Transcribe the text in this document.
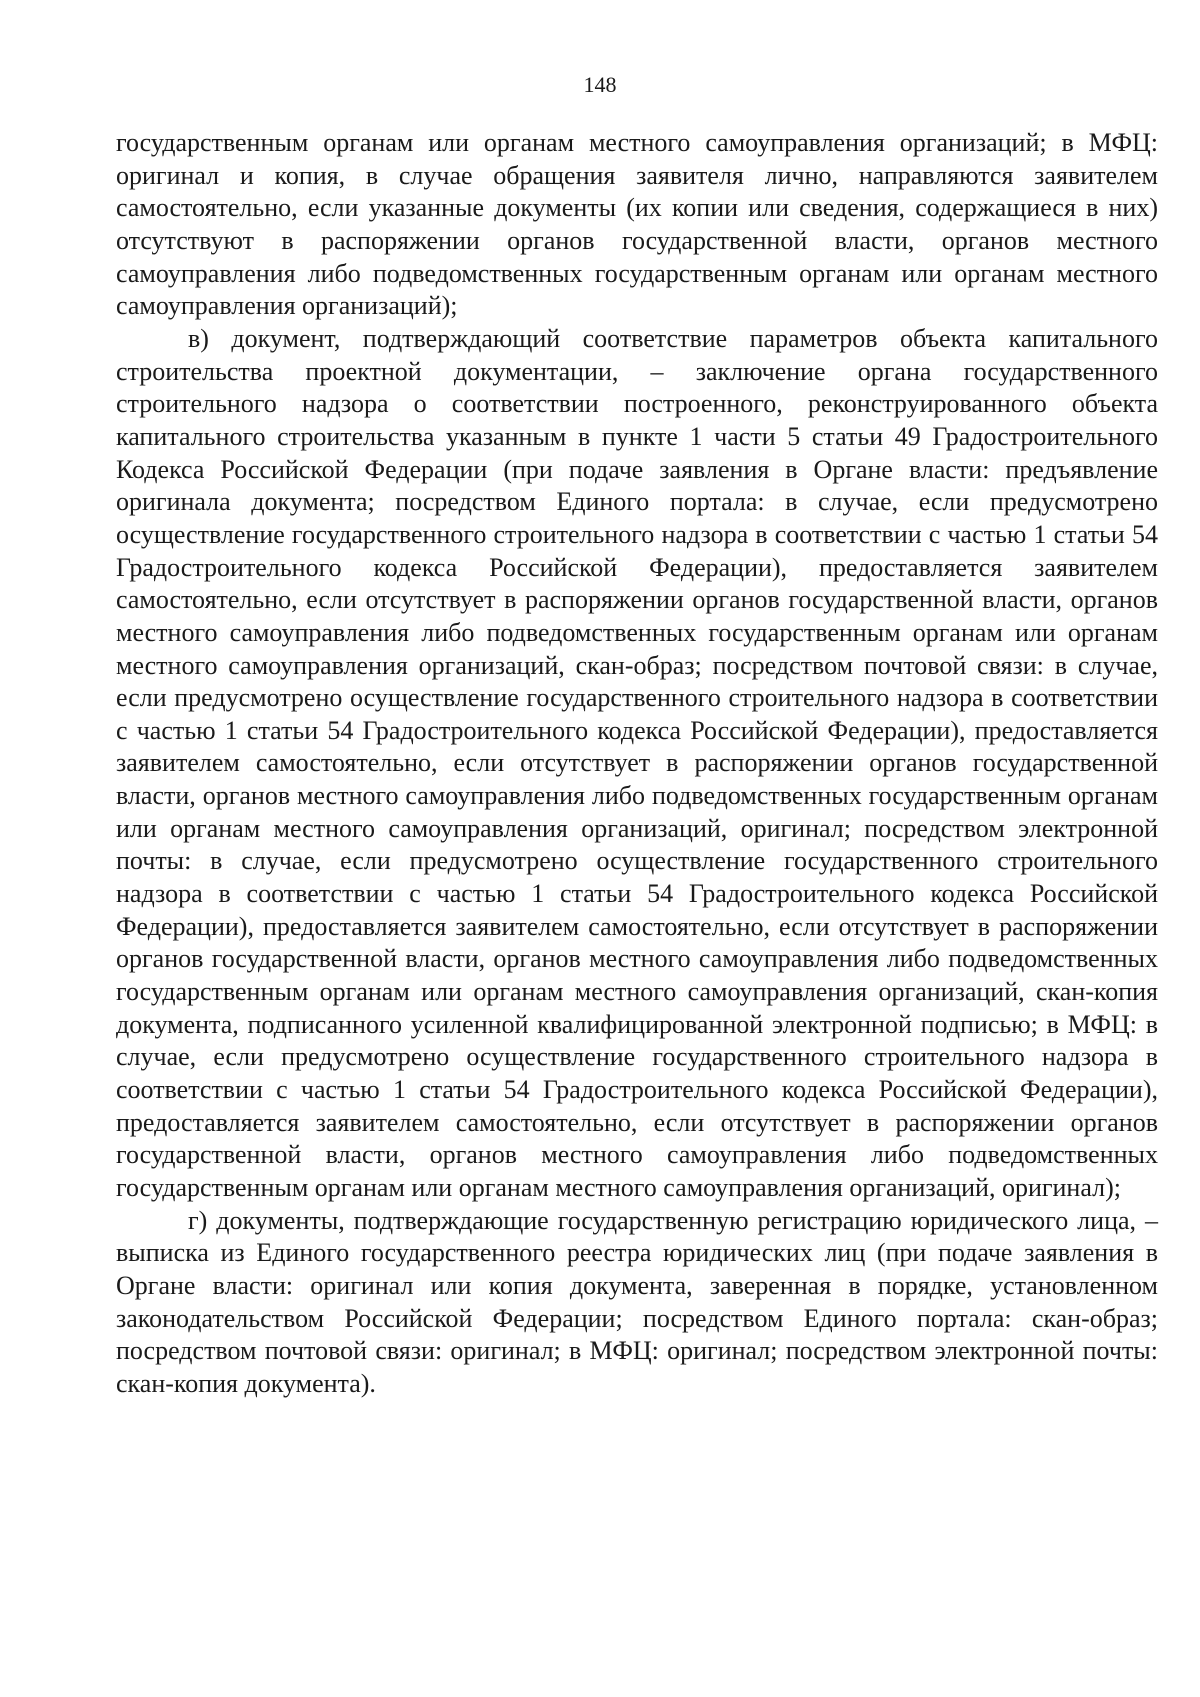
148

государственным органам или органам местного самоуправления организаций; в МФЦ: оригинал и копия, в случае обращения заявителя лично, направляются заявителем самостоятельно, если указанные документы (их копии или сведения, содержащиеся в них) отсутствуют в распоряжении органов государственной власти, органов местного самоуправления либо подведомственных государственным органам или органам местного самоуправления организаций);

в) документ, подтверждающий соответствие параметров объекта капитального строительства проектной документации, – заключение органа государственного строительного надзора о соответствии построенного, реконструированного объекта капитального строительства указанным в пункте 1 части 5 статьи 49 Градостроительного Кодекса Российской Федерации (при подаче заявления в Органе власти: предъявление оригинала документа; посредством Единого портала: в случае, если предусмотрено осуществление государственного строительного надзора в соответствии с частью 1 статьи 54 Градостроительного кодекса Российской Федерации), предоставляется заявителем самостоятельно, если отсутствует в распоряжении органов государственной власти, органов местного самоуправления либо подведомственных государственным органам или органам местного самоуправления организаций, скан-образ; посредством почтовой связи: в случае, если предусмотрено осуществление государственного строительного надзора в соответствии с частью 1 статьи 54 Градостроительного кодекса Российской Федерации), предоставляется заявителем самостоятельно, если отсутствует в распоряжении органов государственной власти, органов местного самоуправления либо подведомственных государственным органам или органам местного самоуправления организаций, оригинал; посредством электронной почты: в случае, если предусмотрено осуществление государственного строительного надзора в соответствии с частью 1 статьи 54 Градостроительного кодекса Российской Федерации), предоставляется заявителем самостоятельно, если отсутствует в распоряжении органов государственной власти, органов местного самоуправления либо подведомственных государственным органам или органам местного самоуправления организаций, скан-копия документа, подписанного усиленной квалифицированной электронной подписью; в МФЦ: в случае, если предусмотрено осуществление государственного строительного надзора в соответствии с частью 1 статьи 54 Градостроительного кодекса Российской Федерации), предоставляется заявителем самостоятельно, если отсутствует в распоряжении органов государственной власти, органов местного самоуправления либо подведомственных государственным органам или органам местного самоуправления организаций, оригинал);

г) документы, подтверждающие государственную регистрацию юридического лица, – выписка из Единого государственного реестра юридических лиц (при подаче заявления в Органе власти: оригинал или копия документа, заверенная в порядке, установленном законодательством Российской Федерации; посредством Единого портала: скан-образ; посредством почтовой связи: оригинал; в МФЦ: оригинал; посредством электронной почты: скан-копия документа).
